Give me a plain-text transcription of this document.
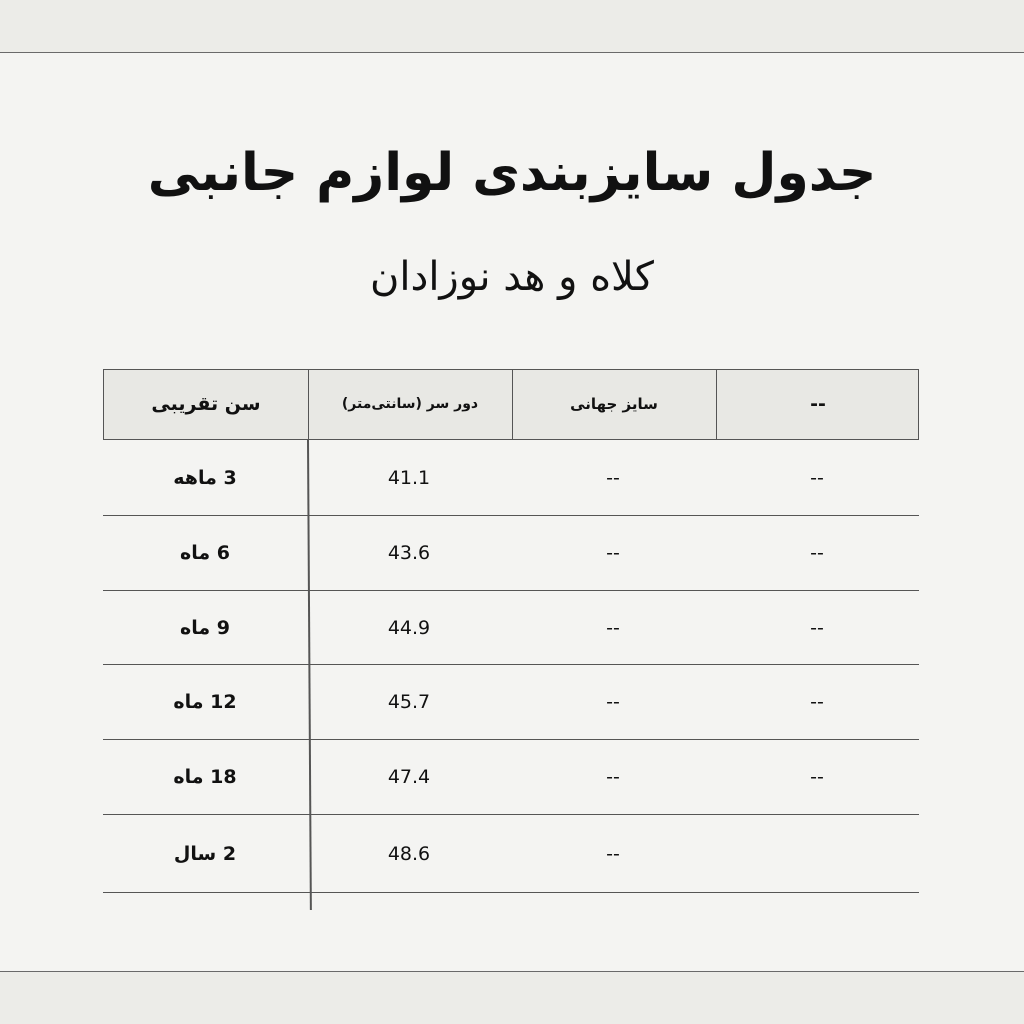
جدول سایزبندی لوازم جانبی
کلاه و هد نوزادان
سن تقریبی	دور سر (سانتی‌متر)	سایز جهانی	--
3 ماهه	41.1	--	--
6 ماه	43.6	--	--
9 ماه	44.9	--	--
12 ماه	45.7	--	--
18 ماه	47.4	--	--
2 سال	48.6	--
